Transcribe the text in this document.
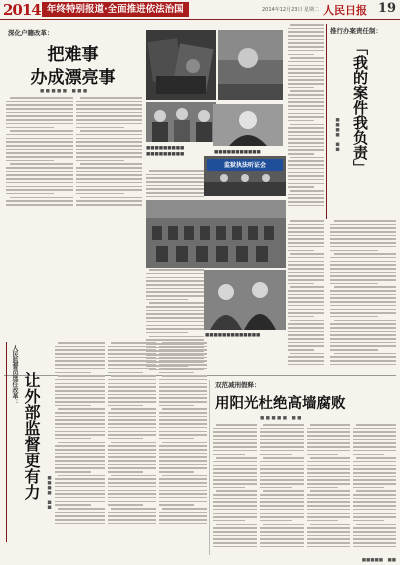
2014 年终特别报道·全面推进依法治国	2014年12月23日 星期二 人民日报 19
深化户籍改革：
把难事
办成漂亮事
■ ■ ■ ■ ■　■ ■ ■
■■■■■■■■■
■■■■■■■■■	■■■■■■■■■■■
监狱执法听证会
■■■■■■■■■■■■■
推行办案责任制：
「我的案件我负责」
■■■■　■■
人民监督员选任改革： 让外部监督更有力 ■■■■　■■
双范减刑假释：
用阳光杜绝高墙腐败
■ ■ ■ ■ ■　■ ■
■■■■■　■■
